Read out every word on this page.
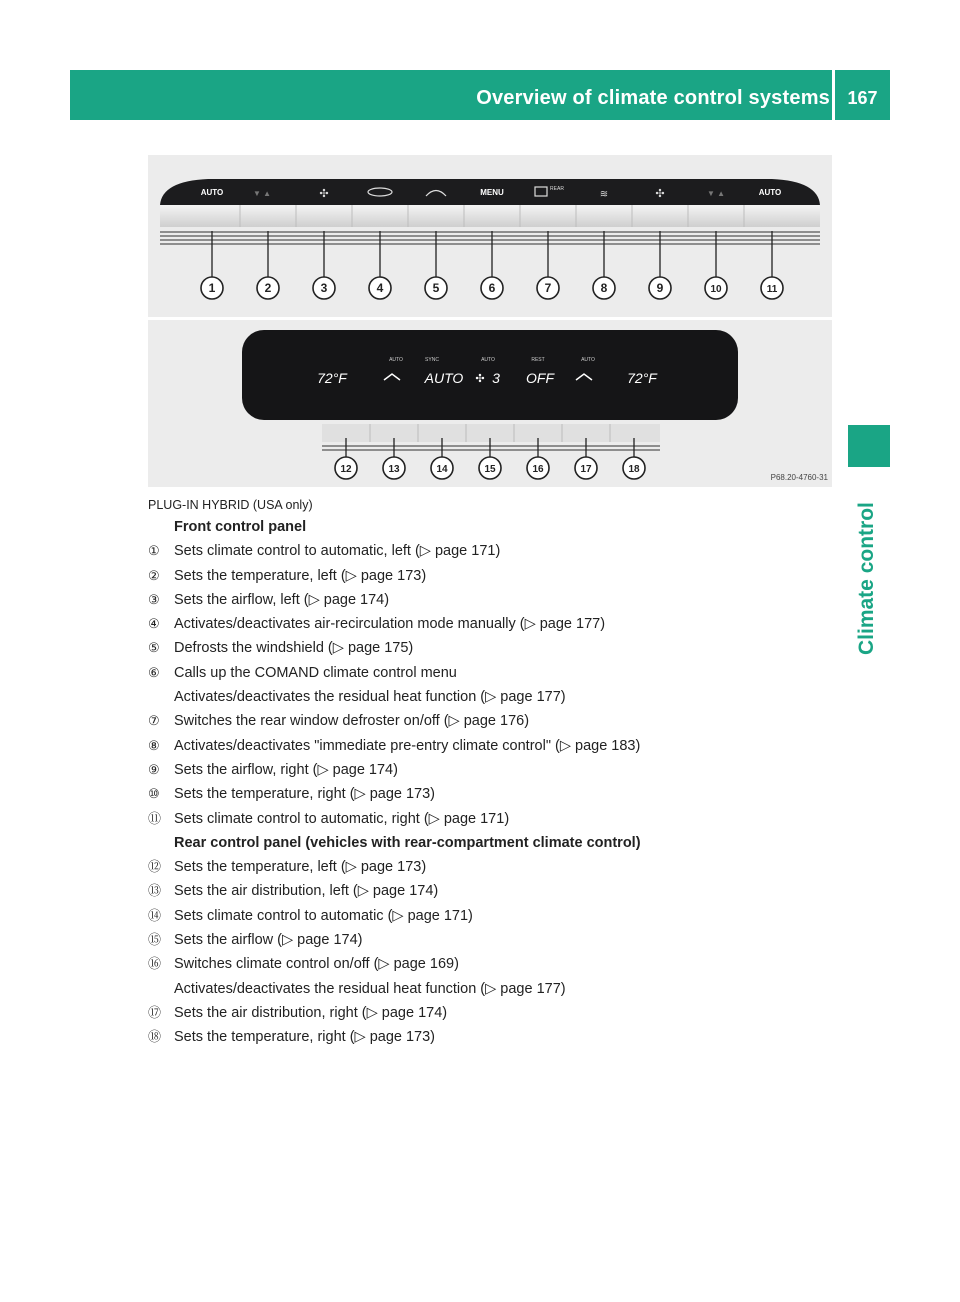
Overview of climate control systems 167
Climate control
AUTO	▼ ▲	✣	MENU	REAR	≋	✣	▼ ▲	AUTO
1	2	3	4	5	6	7	8	9	10	11
72°F	72°F
AUTO	SYNC	AUTO	REST	AUTO
AUTO ✣ 3 OFF
P68.20-4760-31
12	13	14	15	16	17	18
PLUG-IN HYBRID (USA only)
Front control panel
① Sets climate control to automatic, left (▷ page 171)
② Sets the temperature, left (▷ page 173)
③ Sets the airflow, left (▷ page 174)
④ Activates/deactivates air-recirculation mode manually (▷ page 177)
⑤ Defrosts the windshield (▷ page 175)
⑥ Calls up the COMAND climate control menu
Activates/deactivates the residual heat function (▷ page 177)
⑦ Switches the rear window defroster on/off (▷ page 176)
⑧ Activates/deactivates "immediate pre-entry climate control" (▷ page 183)
⑨ Sets the airflow, right (▷ page 174)
⑩ Sets the temperature, right (▷ page 173)
⑪ Sets climate control to automatic, right (▷ page 171)
Rear control panel (vehicles with rear-compartment climate control)
⑫ Sets the temperature, left (▷ page 173)
⑬ Sets the air distribution, left (▷ page 174)
⑭ Sets climate control to automatic (▷ page 171)
⑮ Sets the airflow (▷ page 174)
⑯ Switches climate control on/off (▷ page 169)
Activates/deactivates the residual heat function (▷ page 177)
⑰ Sets the air distribution, right (▷ page 174)
⑱ Sets the temperature, right (▷ page 173)
